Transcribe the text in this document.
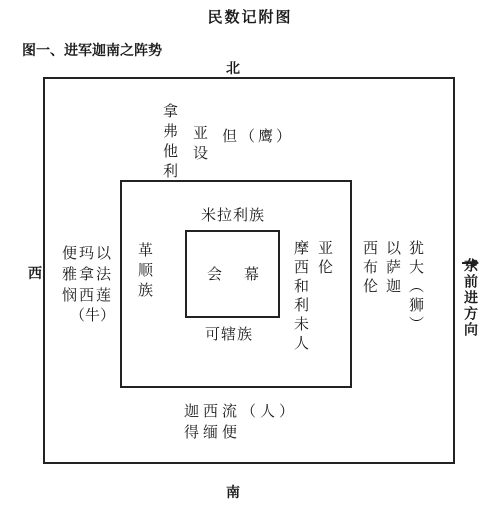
民数记附图
图一、进军迦南之阵势
北
南
西	东前进方向
会 幕
米拉利族
可辖族
革顺族	亚伦
摩西和利未人
拿弗他利 亚设 但（鹰）
便玛以
雅拿法
悯西莲
（牛）	犹大（狮）
以萨迦
西布伦
迦西流（人）
得缅便
